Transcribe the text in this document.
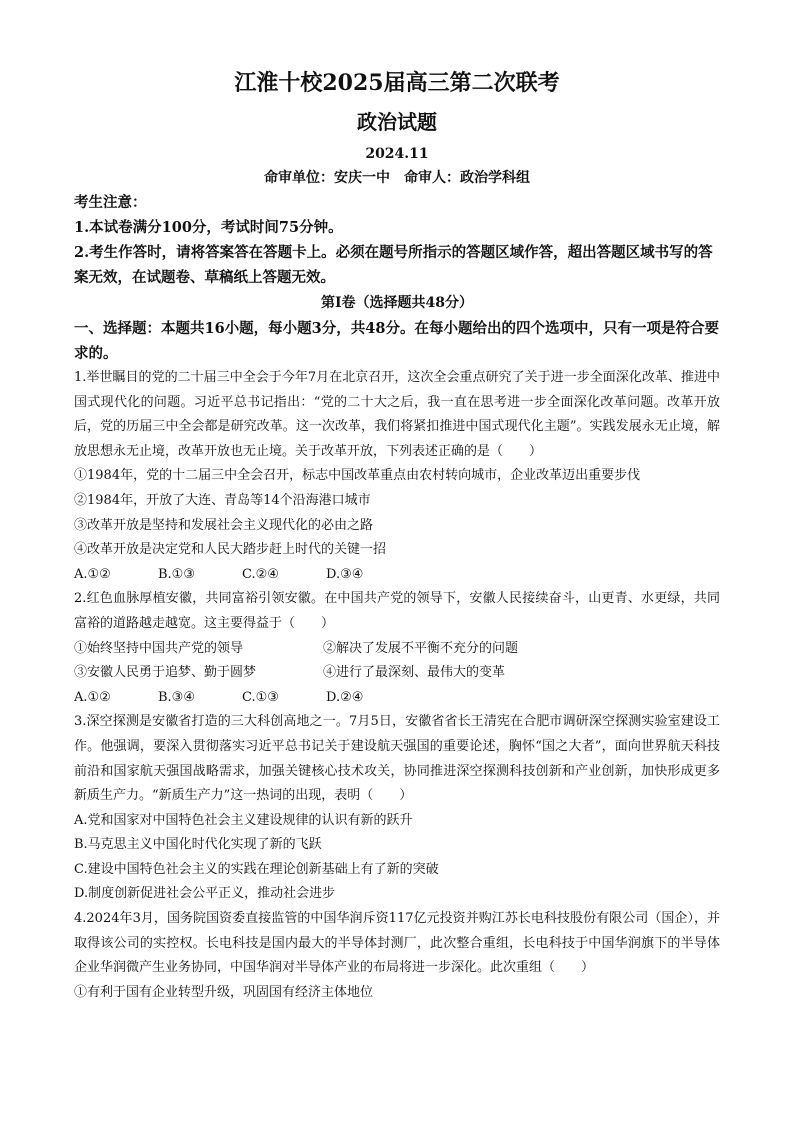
江淮十校2025届高三第二次联考
政治试题
2024.11
命审单位：安庆一中　命审人：政治学科组
考生注意：
1.本试卷满分100分，考试时间75分钟。
2.考生作答时，请将答案答在答题卡上。必须在题号所指示的答题区域作答，超出答题区域书写的答案无效，在试题卷、草稿纸上答题无效。
第Ⅰ卷（选择题共48分）
一、选择题：本题共16小题，每小题3分，共48分。在每小题给出的四个选项中，只有一项是符合要求的。
1.举世瞩目的党的二十届三中全会于今年7月在北京召开，这次全会重点研究了关于进一步全面深化改革、推进中国式现代化的问题。习近平总书记指出：“党的二十大之后，我一直在思考进一步全面深化改革问题。改革开放后，党的历届三中全会都是研究改革。这一次改革，我们将紧扣推进中国式现代化主题”。实践发展永无止境，解放思想永无止境，改革开放也无止境。关于改革开放，下列表述正确的是（　　）
①1984年，党的十二届三中全会召开，标志中国改革重点由农村转向城市，企业改革迈出重要步伐
②1984年，开放了大连、青岛等14个沿海港口城市
③改革开放是坚持和发展社会主义现代化的必由之路
④改革开放是决定党和人民大踏步赶上时代的关键一招
A.①②	B.①③	C.②④	D.③④
2.红色血脉厚植安徽，共同富裕引领安徽。在中国共产党的领导下，安徽人民接续奋斗，山更青、水更绿，共同富裕的道路越走越宽。这主要得益于（　　）
①始终坚持中国共产党的领导	②解决了发展不平衡不充分的问题
③安徽人民勇于追梦、勤于圆梦	④进行了最深刻、最伟大的变革
A.①②	B.③④	C.①③	D.②④
3.深空探测是安徽省打造的三大科创高地之一。7月5日，安徽省省长王清宪在合肥市调研深空探测实验室建设工作。他强调，要深入贯彻落实习近平总书记关于建设航天强国的重要论述，胸怀“国之大者”，面向世界航天科技前沿和国家航天强国战略需求，加强关键核心技术攻关，协同推进深空探测科技创新和产业创新，加快形成更多新质生产力。“新质生产力”这一热词的出现，表明（　　）
A.党和国家对中国特色社会主义建设规律的认识有新的跃升
B.马克思主义中国化时代化实现了新的飞跃
C.建设中国特色社会主义的实践在理论创新基础上有了新的突破
D.制度创新促进社会公平正义，推动社会进步
4.2024年3月，国务院国资委直接监管的中国华润斥资117亿元投资并购江苏长电科技股份有限公司（国企），并取得该公司的实控权。长电科技是国内最大的半导体封测厂，此次整合重组，长电科技于中国华润旗下的半导体企业华润微产生业务协同，中国华润对半导体产业的布局将进一步深化。此次重组（　　）
①有利于国有企业转型升级，巩固国有经济主体地位
